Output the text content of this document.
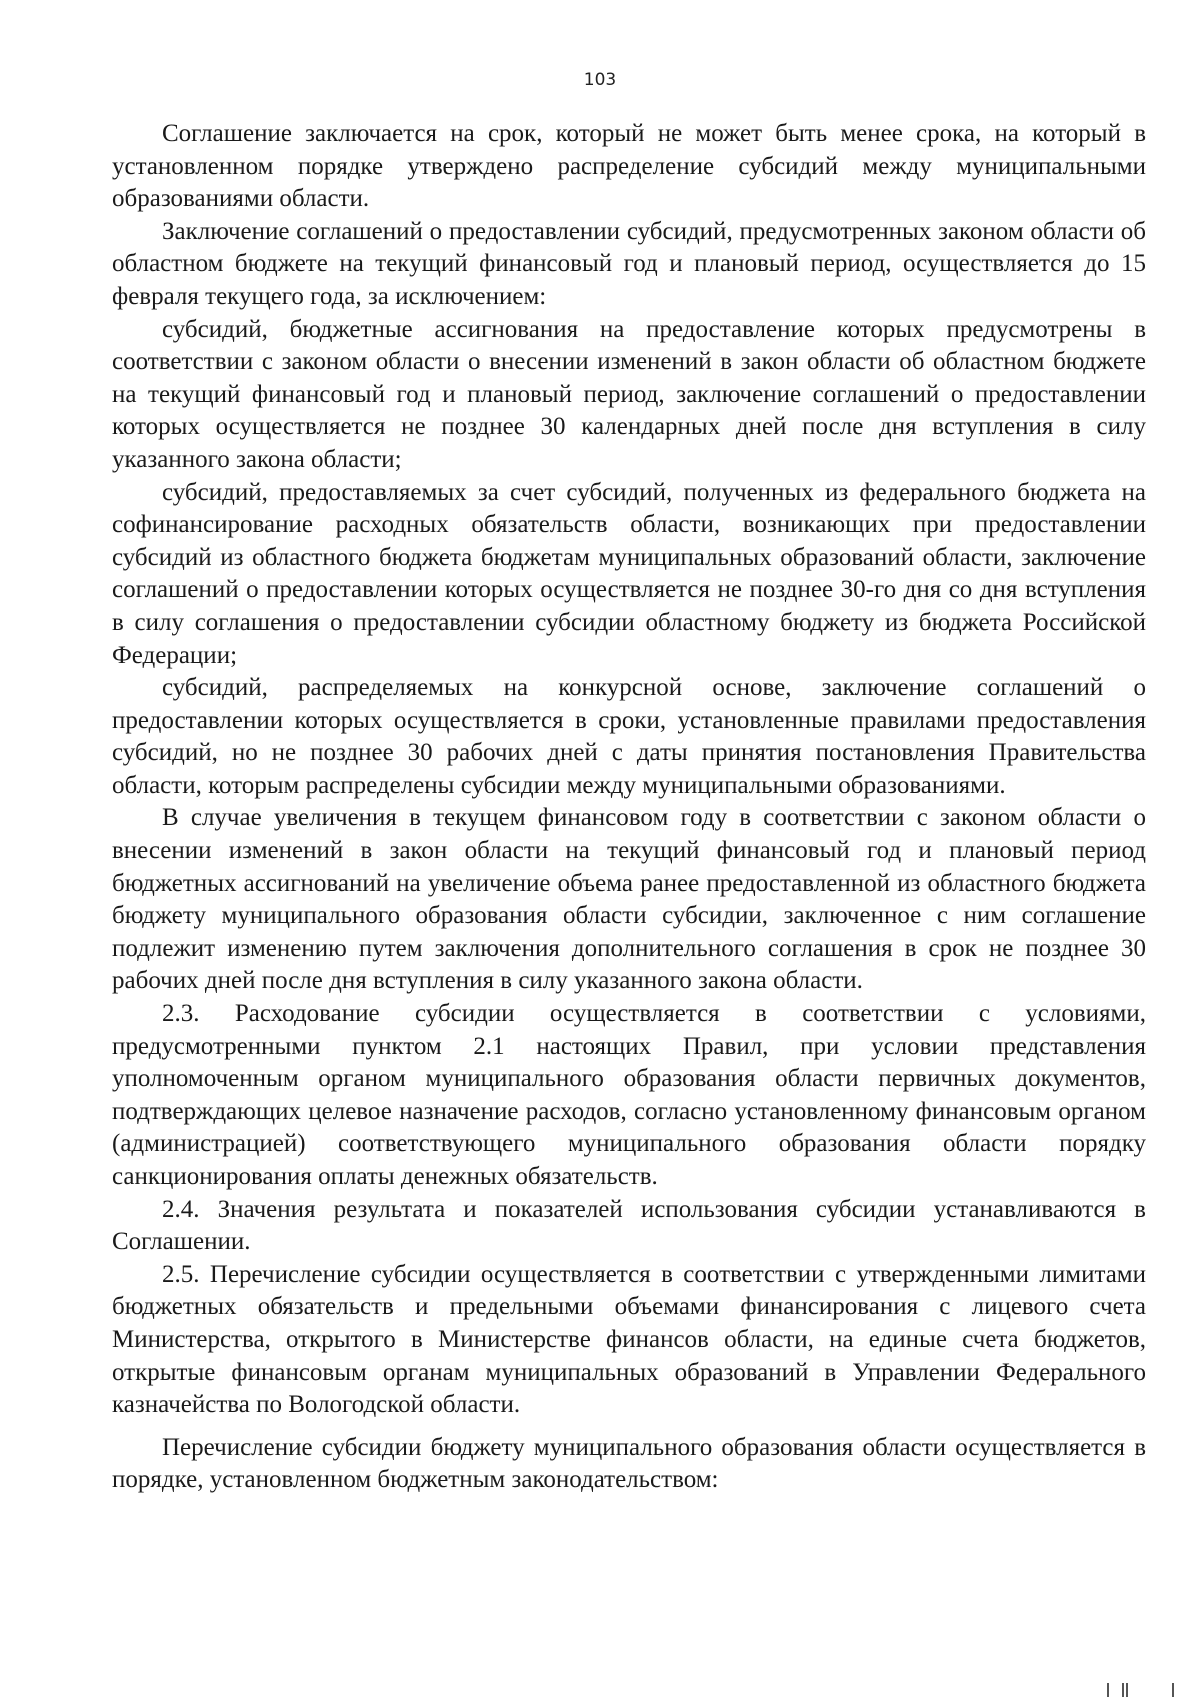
103

Соглашение заключается на срок, который не может быть менее срока, на который в установленном порядке утверждено распределение субсидий между муниципальными образованиями области.

Заключение соглашений о предоставлении субсидий, предусмотренных законом области об областном бюджете на текущий финансовый год и плановый период, осуществляется до 15 февраля текущего года, за исключением:

субсидий, бюджетные ассигнования на предоставление которых предусмотрены в соответствии с законом области о внесении изменений в закон области об областном бюджете на текущий финансовый год и плановый период, заключение соглашений о предоставлении которых осуществляется не позднее 30 календарных дней после дня вступления в силу указанного закона области;

субсидий, предоставляемых за счет субсидий, полученных из федерального бюджета на софинансирование расходных обязательств области, возникающих при предоставлении субсидий из областного бюджета бюджетам муниципальных образований области, заключение соглашений о предоставлении которых осуществляется не позднее 30-го дня со дня вступления в силу соглашения о предоставлении субсидии областному бюджету из бюджета Российской Федерации;

субсидий, распределяемых на конкурсной основе, заключение соглашений о предоставлении которых осуществляется в сроки, установленные правилами предоставления субсидий, но не позднее 30 рабочих дней с даты принятия постановления Правительства области, которым распределены субсидии между муниципальными образованиями.

В случае увеличения в текущем финансовом году в соответствии с законом области о внесении изменений в закон области на текущий финансовый год и плановый период бюджетных ассигнований на увеличение объема ранее предоставленной из областного бюджета бюджету муниципального образования области субсидии, заключенное с ним соглашение подлежит изменению путем заключения дополнительного соглашения в срок не позднее 30 рабочих дней после дня вступления в силу указанного закона области.

2.3. Расходование субсидии осуществляется в соответствии с условиями, предусмотренными пунктом 2.1 настоящих Правил, при условии представления уполномоченным органом муниципального образования области первичных документов, подтверждающих целевое назначение расходов, согласно установленному финансовым органом (администрацией) соответствующего муниципального образования области порядку санкционирования оплаты денежных обязательств.

2.4. Значения результата и показателей использования субсидии устанавливаются в Соглашении.

2.5. Перечисление субсидии осуществляется в соответствии с утвержденными лимитами бюджетных обязательств и предельными объемами финансирования с лицевого счета Министерства, открытого в Министерстве финансов области, на единые счета бюджетов, открытые финансовым органам муниципальных образований в Управлении Федерального казначейства по Вологодской области.

Перечисление субсидии бюджету муниципального образования области осуществляется в порядке, установленном бюджетным законодательством:
